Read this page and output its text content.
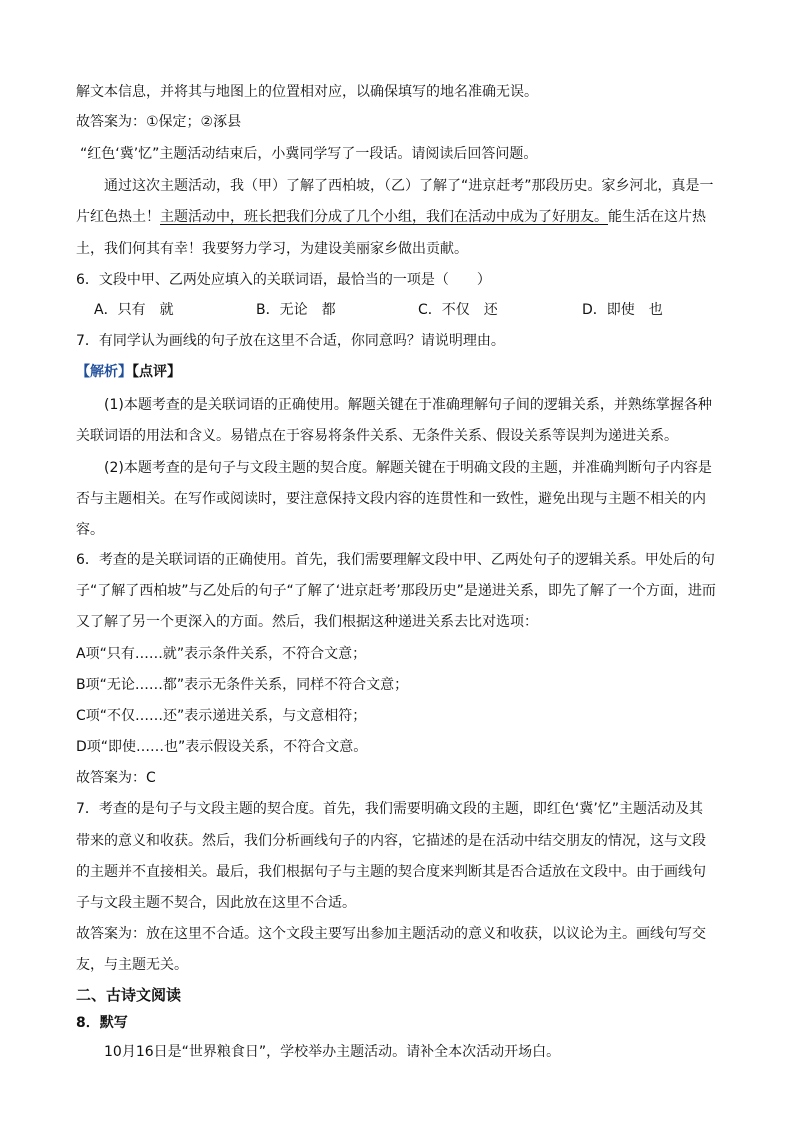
解文本信息，并将其与地图上的位置相对应，以确保填写的地名准确无误。
故答案为：①保定；②涿县
“红色‘冀’忆”主题活动结束后，小冀同学写了一段话。请阅读后回答问题。
通过这次主题活动，我（甲）了解了西柏坡，（乙）了解了“进京赶考”那段历史。家乡河北，真是一
片红色热土！主题活动中，班长把我们分成了几个小组，我们在活动中成为了好朋友。能生活在这片热
土，我们何其有幸！我要努力学习，为建设美丽家乡做出贡献。
6．文段中甲、乙两处应填入的关联词语，最恰当的一项是（　　）
A．只有　就	B．无论　都	C．不仅　还	D．即使　也
7．有同学认为画线的句子放在这里不合适，你同意吗？请说明理由。
【解析】【点评】
(1)本题考查的是关联词语的正确使用。解题关键在于准确理解句子间的逻辑关系，并熟练掌握各种
关联词语的用法和含义。易错点在于容易将条件关系、无条件关系、假设关系等误判为递进关系。
(2)本题考查的是句子与文段主题的契合度。解题关键在于明确文段的主题，并准确判断句子内容是
否与主题相关。在写作或阅读时，要注意保持文段内容的连贯性和一致性，避免出现与主题不相关的内
容。
6．考查的是关联词语的正确使用。首先，我们需要理解文段中甲、乙两处句子的逻辑关系。甲处后的句
子“了解了西柏坡”与乙处后的句子“了解了‘进京赶考’那段历史”是递进关系，即先了解了一个方面，进而
又了解了另一个更深入的方面。然后，我们根据这种递进关系去比对选项：
A项“只有……就”表示条件关系，不符合文意；
B项“无论……都”表示无条件关系，同样不符合文意；
C项“不仅……还”表示递进关系，与文意相符；
D项“即使……也”表示假设关系，不符合文意。
故答案为：C
7．考查的是句子与文段主题的契合度。首先，我们需要明确文段的主题，即红色‘冀’忆”主题活动及其
带来的意义和收获。然后，我们分析画线句子的内容，它描述的是在活动中结交朋友的情况，这与文段
的主题并不直接相关。最后，我们根据句子与主题的契合度来判断其是否合适放在文段中。由于画线句
子与文段主题不契合，因此放在这里不合适。
故答案为：放在这里不合适。这个文段主要写出参加主题活动的意义和收获，以议论为主。画线句写交
友，与主题无关。
二、古诗文阅读
8．默写
10月16日是“世界粮食日”，学校举办主题活动。请补全本次活动开场白。
